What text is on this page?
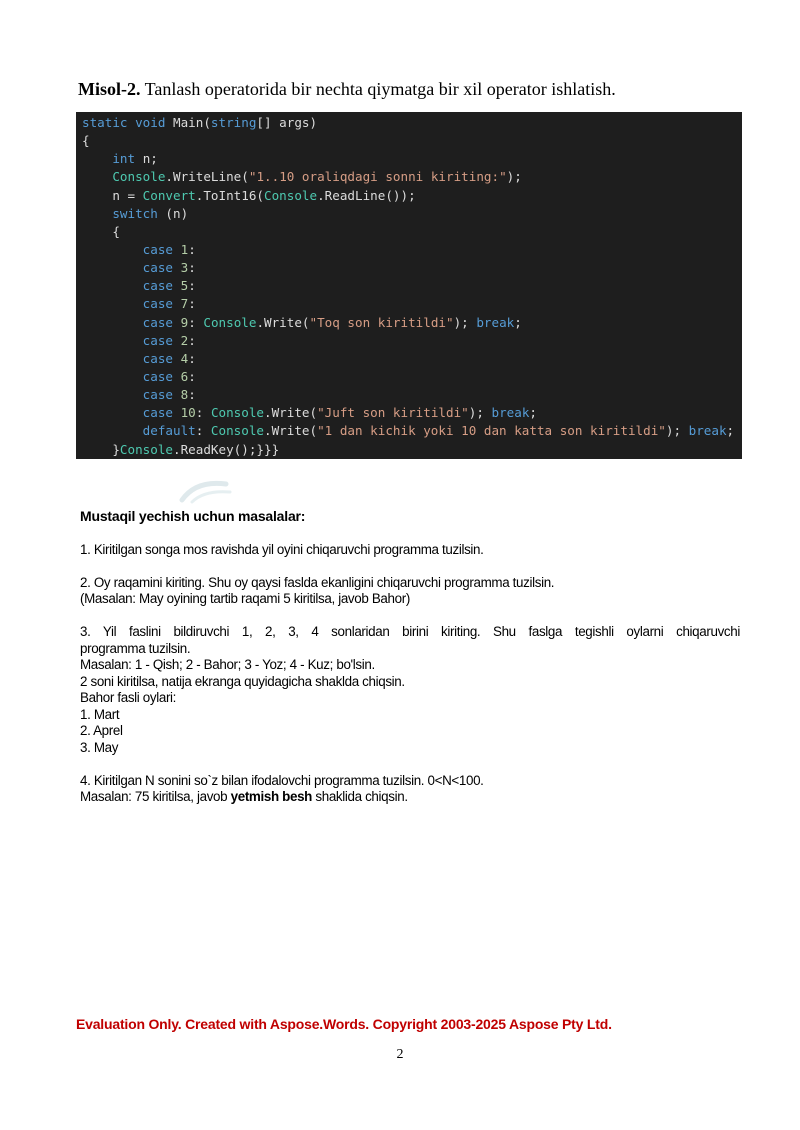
Misol-2. Tanlash operatorida bir nechta qiymatga bir xil operator ishlatish.
static void Main(string[] args)
{
int n;
Console.WriteLine("1..10 oraliqdagi sonni kiriting:");
n = Convert.ToInt16(Console.ReadLine());
switch (n)
{
case 1:
case 3:
case 5:
case 7:
case 9: Console.Write("Toq son kiritildi"); break;
case 2:
case 4:
case 6:
case 8:
case 10: Console.Write("Juft son kiritildi"); break;
default: Console.Write("1 dan kichik yoki 10 dan katta son kiritildi"); break;
}Console.ReadKey();}}}
Mustaqil yechish uchun masalalar:

1. Kiritilgan songa mos ravishda yil oyini chiqaruvchi programma tuzilsin.

2. Oy raqamini kiriting. Shu oy qaysi faslda ekanligini chiqaruvchi programma tuzilsin.
(Masalan: May oyining tartib raqami 5 kiritilsa, javob Bahor)

3. Yil faslini bildiruvchi 1, 2, 3, 4 sonlaridan birini kiriting. Shu faslga tegishli oylarni chiqaruvchi
programma tuzilsin.
Masalan: 1 - Qish; 2 - Bahor; 3 - Yoz; 4 - Kuz; bo'lsin.
2 soni kiritilsa, natija ekranga quyidagicha shaklda chiqsin.
Bahor fasli oylari:
1. Mart
2. Aprel
3. May

4. Kiritilgan N sonini so`z bilan ifodalovchi programma tuzilsin. 0<N<100.
Masalan: 75 kiritilsa, javob yetmish besh shaklida chiqsin.

Evaluation Only. Created with Aspose.Words. Copyright 2003-2025 Aspose Pty Ltd.
2
